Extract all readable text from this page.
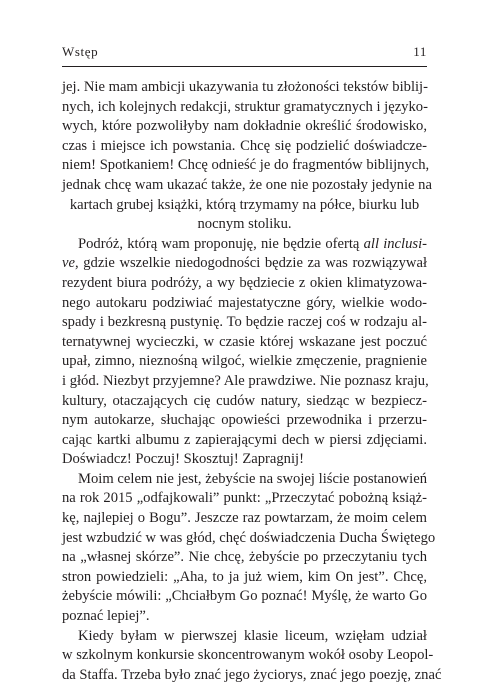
Wstęp	11
jej. Nie mam ambicji ukazywania tu złożoności tekstów biblij-
nych, ich kolejnych redakcji, struktur gramatycznych i języko-
wych, które pozwoliłyby nam dokładnie określić środowisko,
czas i miejsce ich powstania. Chcę się podzielić doświadcze-
niem! Spotkaniem! Chcę odnieść je do fragmentów biblijnych,
jednak chcę wam ukazać także, że one nie pozostały jedynie na
kartach grubej książki, którą trzymamy na półce, biurku lub
nocnym stoliku.
Podróż, którą wam proponuję, nie będzie ofertą all inclusi-
ve, gdzie wszelkie niedogodności będzie za was rozwiązywał
rezydent biura podróży, a wy będziecie z okien klimatyzowa-
nego autokaru podziwiać majestatyczne góry, wielkie wodo-
spady i bezkresną pustynię. To będzie raczej coś w rodzaju al-
ternatywnej wycieczki, w czasie której wskazane jest poczuć
upał, zimno, nieznośną wilgoć, wielkie zmęczenie, pragnienie
i głód. Niezbyt przyjemne? Ale prawdziwe. Nie poznasz kraju,
kultury, otaczających cię cudów natury, siedząc w bezpiecz-
nym autokarze, słuchając opowieści przewodnika i przerzu-
cając kartki albumu z zapierającymi dech w piersi zdjęciami.
Doświadcz! Poczuj! Skosztuj! Zapragnij!
Moim celem nie jest, żebyście na swojej liście postanowień
na rok 2015 „odfajkowali” punkt: „Przeczytać pobożną książ-
kę, najlepiej o Bogu”. Jeszcze raz powtarzam, że moim celem
jest wzbudzić w was głód, chęć doświadczenia Ducha Świętego
na „własnej skórze”. Nie chcę, żebyście po przeczytaniu tych
stron powiedzieli: „Aha, to ja już wiem, kim On jest”. Chcę,
żebyście mówili: „Chciałbym Go poznać! Myślę, że warto Go
poznać lepiej”.
Kiedy byłam w pierwszej klasie liceum, wzięłam udział
w szkolnym konkursie skoncentrowanym wokół osoby Leopol-
da Staffa. Trzeba było znać jego życiorys, znać jego poezję, znać
